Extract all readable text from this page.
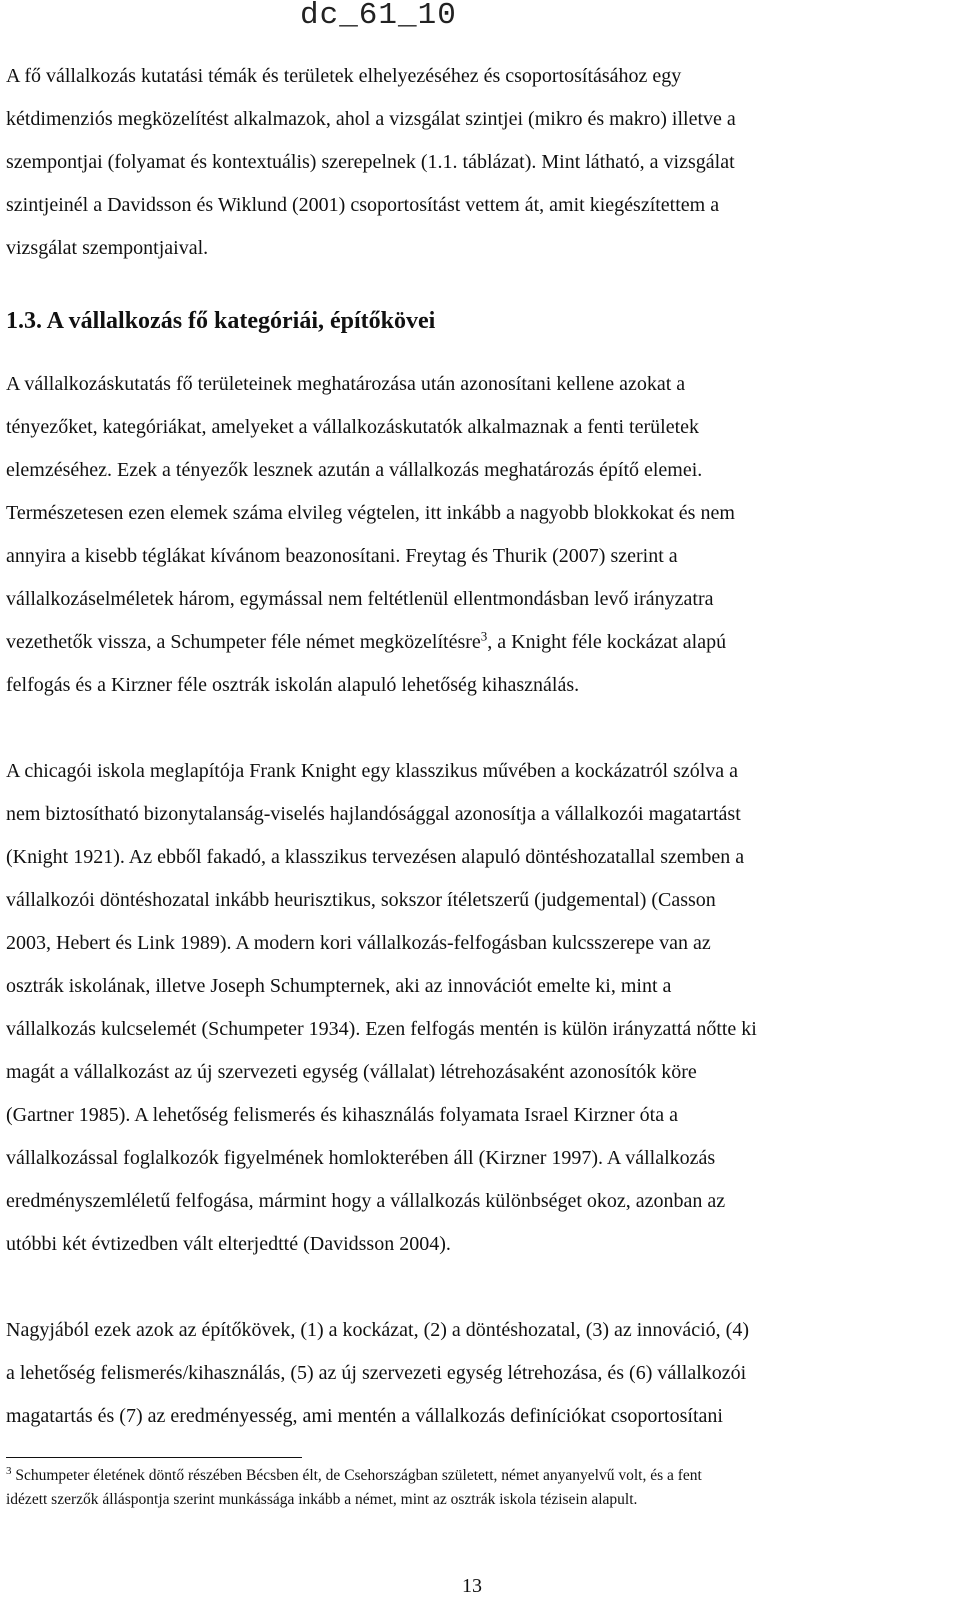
dc_61_10
A fő vállalkozás kutatási témák és területek elhelyezéséhez és csoportosításához egy
kétdimenziós megközelítést alkalmazok, ahol a vizsgálat szintjei (mikro és makro) illetve a
szempontjai (folyamat és kontextuális) szerepelnek (1.1. táblázat). Mint látható, a vizsgálat
szintjeinél a Davidsson és Wiklund (2001) csoportosítást vettem át, amit kiegészítettem a
vizsgálat szempontjaival.
1.3. A vállalkozás fő kategóriái, építőkövei
A vállalkozáskutatás fő területeinek meghatározása után azonosítani kellene azokat a
tényezőket, kategóriákat, amelyeket a vállalkozáskutatók alkalmaznak a fenti területek
elemzéséhez. Ezek a tényezők lesznek azután a vállalkozás meghatározás építő elemei.
Természetesen ezen elemek száma elvileg végtelen, itt inkább a nagyobb blokkokat és nem
annyira a kisebb téglákat kívánom beazonosítani. Freytag és Thurik (2007) szerint a
vállalkozáselméletek három, egymással nem feltétlenül ellentmondásban levő irányzatra
vezethetők vissza, a Schumpeter féle német megközelítésre$^3$, a Knight féle kockázat alapú
felfogás és a Kirzner féle osztrák iskolán alapuló lehetőség kihasználás.
A chicagói iskola meglapítója Frank Knight egy klasszikus művében a kockázatról szólva a
nem biztosítható bizonytalanság-viselés hajlandósággal azonosítja a vállalkozói magatartást
(Knight 1921). Az ebből fakadó, a klasszikus tervezésen alapuló döntéshozatallal szemben a
vállalkozói döntéshozatal inkább heurisztikus, sokszor ítéletszerű (judgemental) (Casson
2003, Hebert és Link 1989). A modern kori vállalkozás-felfogásban kulcsszerepe van az
osztrák iskolának, illetve Joseph Schumpternek, aki az innovációt emelte ki, mint a
vállalkozás kulcselemét (Schumpeter 1934). Ezen felfogás mentén is külön irányzattá nőtte ki
magát a vállalkozást az új szervezeti egység (vállalat) létrehozásaként azonosítók köre
(Gartner 1985). A lehetőség felismerés és kihasználás folyamata Israel Kirzner óta a
vállalkozással foglalkozók figyelmének homlokterében áll (Kirzner 1997). A vállalkozás
eredményszemléletű felfogása, mármint hogy a vállalkozás különbséget okoz, azonban az
utóbbi két évtizedben vált elterjedtté (Davidsson 2004).
Nagyjából ezek azok az építőkövek, (1) a kockázat, (2) a döntéshozatal, (3) az innováció, (4)
a lehetőség felismerés/kihasználás, (5) az új szervezeti egység létrehozása, és (6) vállalkozói
magatartás és (7) az eredményesség, ami mentén a vállalkozás definíciókat csoportosítani
$^3$ Schumpeter életének döntő részében Bécsben élt, de Csehországban született, német anyanyelvű volt, és a fent
idézett szerzők álláspontja szerint munkássága inkább a német, mint az osztrák iskola tézisein alapult.
13
